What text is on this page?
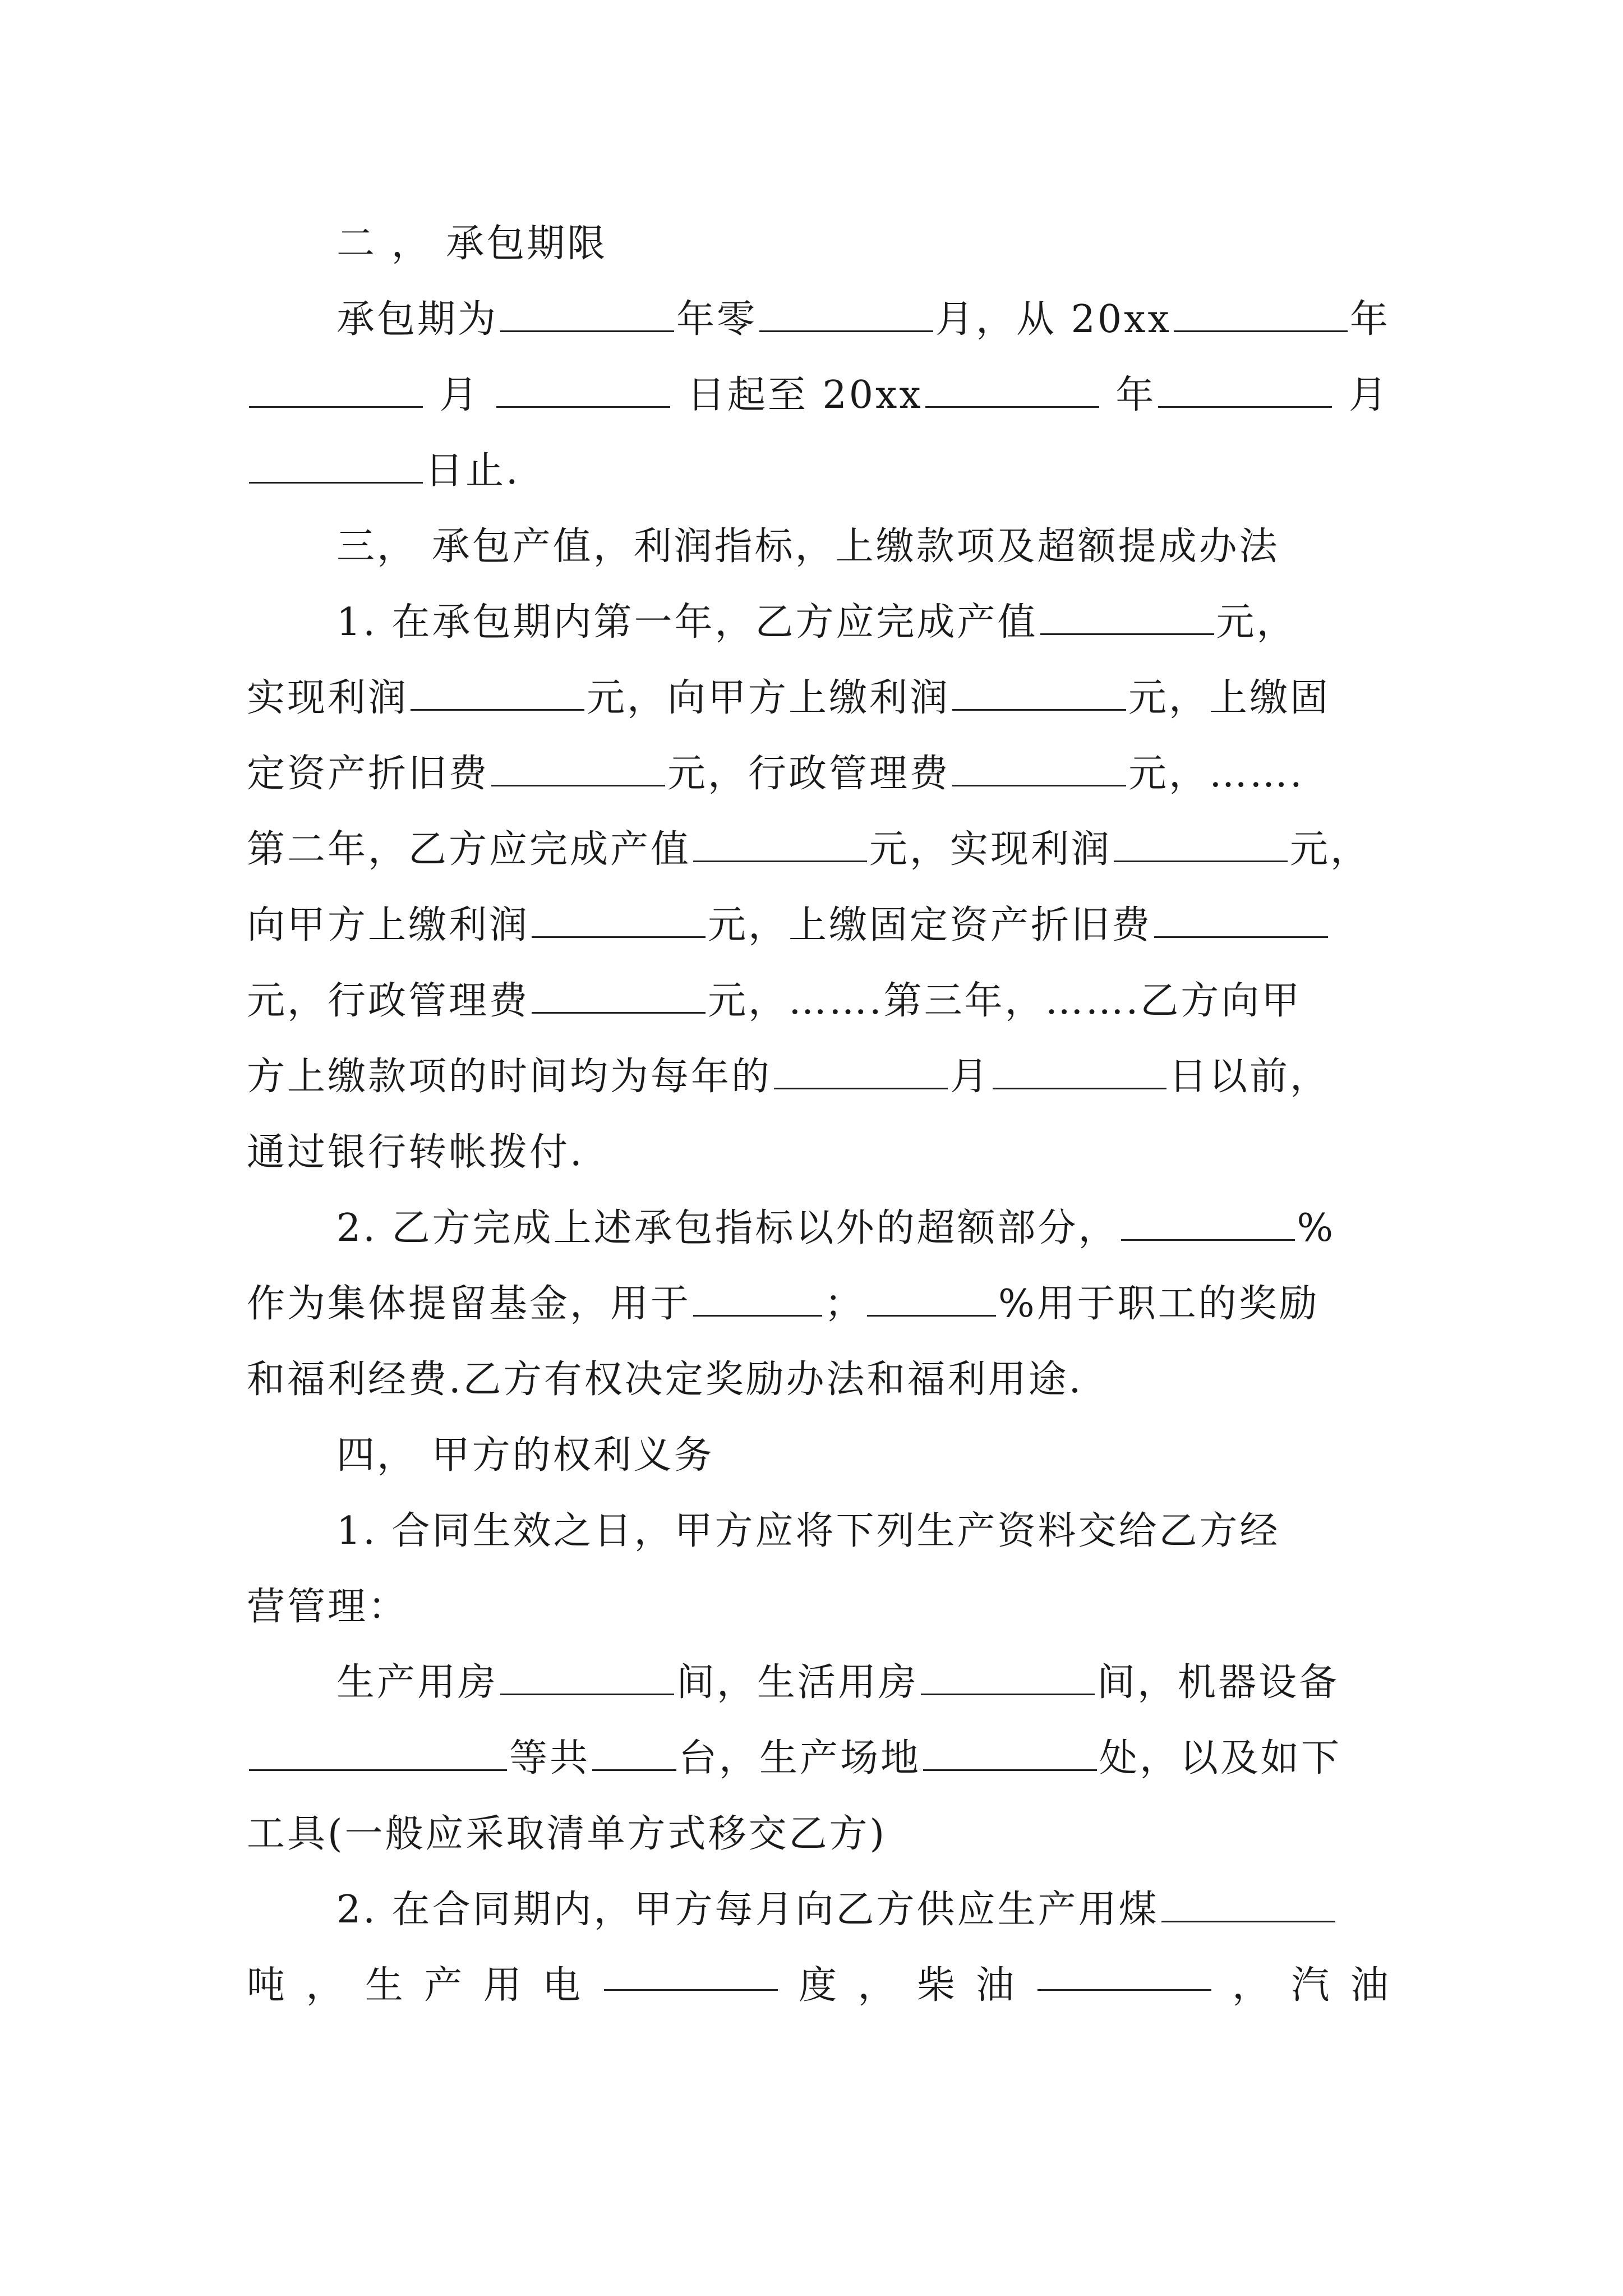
二 ， 承包期限
承包期为	年零	月，从 20xx	年
月	日起至 20xx	年	月
日止.
三， 承包产值，利润指标，上缴款项及超额提成办法
1. 在承包期内第一年，乙方应完成产值	元，
实现利润	元，向甲方上缴利润	元，上缴固
定资产折旧费	元，行政管理费	元，…….
第二年，乙方应完成产值	元，实现利润	元，
向甲方上缴利润	元，上缴固定资产折旧费
元，行政管理费	元，…….第三年，…….乙方向甲
方上缴款项的时间均为每年的	月	日以前，
通过银行转帐拨付.
2. 乙方完成上述承包指标以外的超额部分，	%
作为集体提留基金，用于	；	%用于职工的奖励
和福利经费.乙方有权决定奖励办法和福利用途.
四， 甲方的权利义务
1. 合同生效之日，甲方应将下列生产资料交给乙方经
营管理：
生产用房	间，生活用房	间，机器设备
等共 台，生产场地	处，以及如下
工具(一般应采取清单方式移交乙方)
2. 在合同期内，甲方每月向乙方供应生产用煤
吨 ， 生 产 用 电	度 ， 柴 油	， 汽 油
